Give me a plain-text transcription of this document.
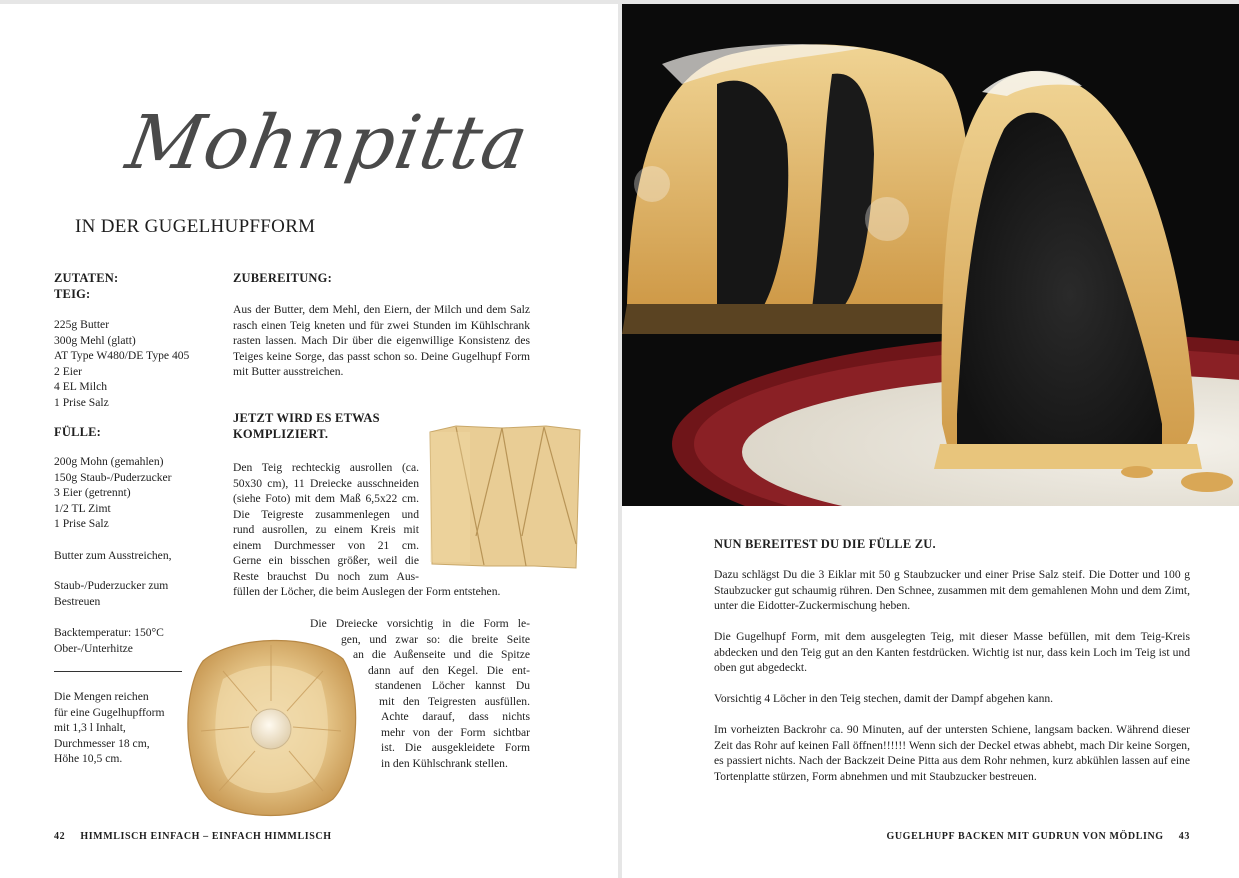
Mohnpitta
IN DER GUGELHUPFFORM
ZUTATEN:
TEIG:
225g Butter
300g Mehl (glatt)
AT Type W480/DE Type 405
2 Eier
4 EL Milch
1 Prise Salz
FÜLLE:
200g Mohn (gemahlen)
150g Staub-/Puderzucker
3 Eier (getrennt)
1/2 TL Zimt
1 Prise Salz
Butter zum Ausstreichen,
Staub-/Puderzucker zum
Bestreuen
Backtemperatur: 150°C
Ober-/Unterhitze
Die Mengen reichen
für eine Gugelhupfform
mit 1,3 l Inhalt,
Durchmesser 18 cm,
Höhe 10,5 cm.
ZUBEREITUNG:
Aus der Butter, dem Mehl, den Eiern, der Milch und dem Salz rasch einen Teig kneten und für zwei Stunden im Kühlschrank rasten lassen. Mach Dir über die eigenwillige Konsistenz des Teiges keine Sorge, das passt schon so. Deine Gugelhupf Form mit Butter ausstreichen.
JETZT WIRD ES ETWAS
KOMPLIZIERT.
Den Teig rechteckig ausrollen (ca.
50x30 cm), 11 Dreiecke ausschneiden
(siehe Foto) mit dem Maß 6,5x22 cm.
Die Teigreste zusammenlegen und
rund ausrollen, zu einem Kreis mit
einem Durchmesser von 21 cm.
Gerne ein bisschen größer, weil die
Reste brauchst Du noch zum Aus-
füllen der Löcher, die beim Auslegen der Form entstehen.
Die Dreiecke vorsichtig in die Form le-
gen, und zwar so: die breite Seite
an die Außenseite und die Spitze
dann auf den Kegel. Die ent-
standenen Löcher kannst Du
mit den Teigresten ausfüllen.
Achte darauf, dass nichts
mehr von der Form sichtbar
ist. Die ausgekleidete Form
in den Kühlschrank stellen.
42 HIMMLISCH EINFACH – EINFACH HIMMLISCH
NUN BEREITEST DU DIE FÜLLE ZU.
Dazu schlägst Du die 3 Eiklar mit 50 g Staubzucker und einer Prise Salz steif. Die Dotter und 100 g Staubzucker gut schaumig rühren. Den Schnee, zusammen mit dem gemahlenen Mohn und dem Zimt, unter die Eidotter-Zuckermischung heben.
Die Gugelhupf Form, mit dem ausgelegten Teig, mit dieser Masse befüllen, mit dem Teig-Kreis abdecken und den Teig gut an den Kanten festdrücken. Wichtig ist nur, dass kein Loch im Teig ist und oben gut abgedeckt.
Vorsichtig 4 Löcher in den Teig stechen, damit der Dampf abgehen kann.
Im vorheizten Backrohr ca. 90 Minuten, auf der untersten Schiene, langsam backen. Während dieser Zeit das Rohr auf keinen Fall öffnen!!!!!! Wenn sich der Deckel etwas abhebt, mach Dir keine Sorgen, es passiert nichts. Nach der Backzeit Deine Pitta aus dem Rohr nehmen, kurz abkühlen lassen auf eine Tortenplatte stürzen, Form abnehmen und mit Staubzucker bestreuen.
GUGELHUPF BACKEN MIT GUDRUN VON MÖDLING 43
